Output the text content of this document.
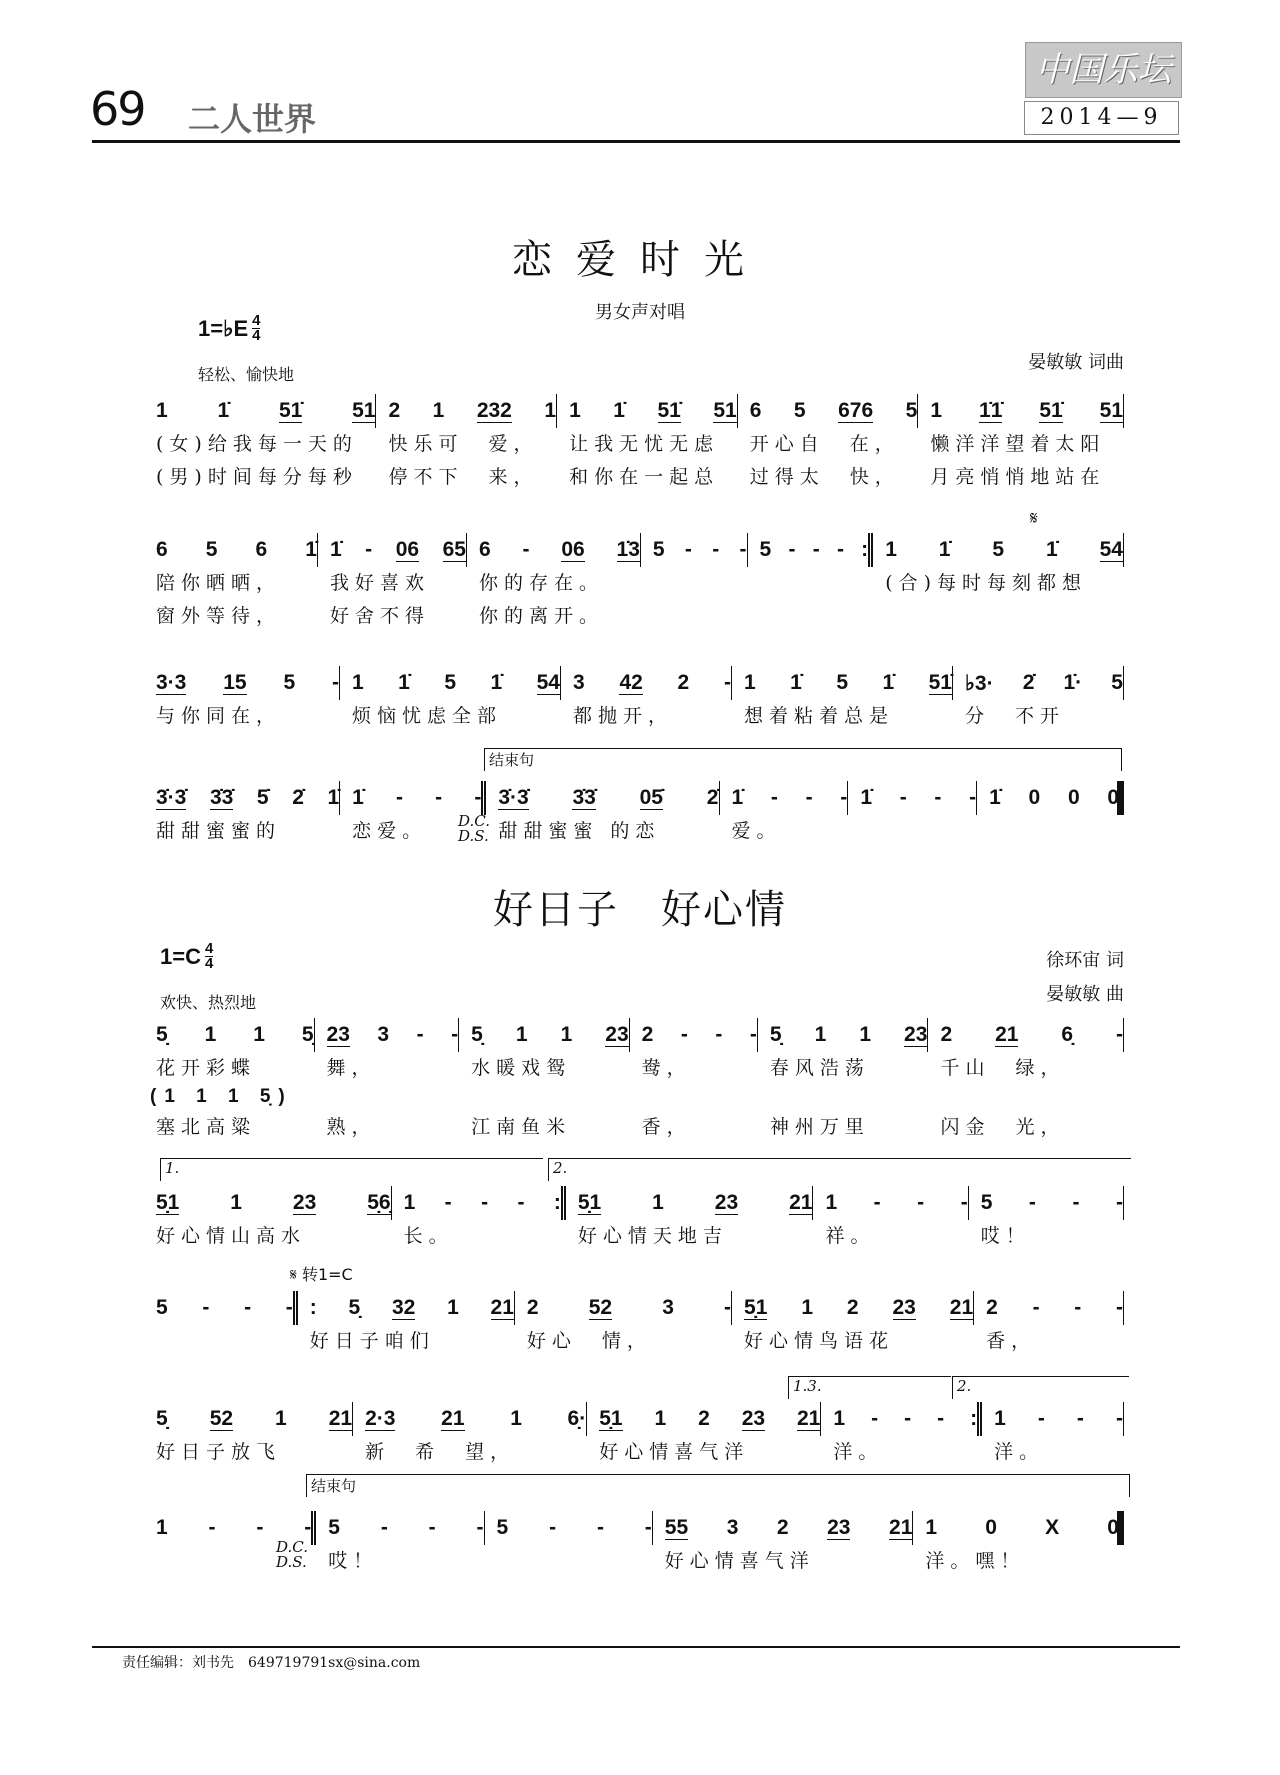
69 二人世界
中国乐坛
2014—9
恋爱时光
男女声对唱
1=♭E $\frac{4}{4}$
轻松、愉快地
晏敏敏 词曲
𝄋
结束句
D.C.
D.S.
好日子　好心情
$1=C \frac{4}{4}$
欢快、热烈地
徐环宙 词
晏敏敏 曲
(1 1 1 5̣)
1.	2.
𝄋 转1=C
1.3.	2.
结束句
D.C.
D.S.
1 1̇ 51̇ 51
(女)给我每一天的
(男)时间每分每秒
2 1 232 1
快乐可　爱，
停不下　来，
1 1̇ 51̇ 51
让我无忧无虑
和你在一起总
6 5 676 5
开心自　在，
过得太　快，
1 1̇1̇ 51̇ 51
懒洋洋望着太阳
月亮悄悄地站在
6 5 6 1̇
陪你晒晒，
窗外等待，
1̇ - 06 65
我好喜欢
好舍不得
6 - 06 1̇3
你的存在。
你的离开。
5 - - - 5 - - - : 1 1̇ 5 1̇ 54
(合)每时每刻都想
3·3 15 5 -
与你同在，
1 1̇ 5 1̇ 54
烦恼忧虑全部
3 42 2 -
都抛开，
1 1̇ 5 1̇ 51̇
想着粘着总是
♭3· 2̇ 1̇· 5
分　不开
3̇·3̇ 3̇3̇ 5̇ 2̇ 1̇
甜甜蜜蜜的
1̇ - - -
恋爱。
3̇·3̇ 3̇3̇ 05̇ 2̇
甜甜蜜蜜 的恋
1̇ - - -
爱。
1̇ - - - 1̇ 0 0 0
5̣ 1 1 5̣
花开彩蝶
塞北高粱
23 3 - -
舞，
熟，
5̣ 1 1 23
水暖戏鸳
江南鱼米
2 - - -
鸯，
香，
5̣ 1 1 23
春风浩荡
神州万里
2 21 6̣ -
千山　绿，
闪金　光，
5̣1 1 23 5̣6̣
好心情山高水
1 - - - :
长。
5̣1 1 23 21
好心情天地吉
1 - - -
祥。
5 - - -
哎！
5 - - - : 5̣ 32 1 21
好日子咱们
2 52 3 -
好心　情，
5̣1 1 2 23 21
好心情鸟语花
2 - - -
香，
5̣ 52 1 21
好日子放飞
2·3 21 1 6̣·
新　希　望，
5̣1 1 2 23 21
好心情喜气洋
1 - - - :
洋。
1 - - -
洋。
1 - - - 5 - - -
哎！
5 - - - 55 3 2 23 21
好心情喜气洋
1 0 X 0
洋。嘿！
责任编辑：刘书先　649719791sx@sina.com
